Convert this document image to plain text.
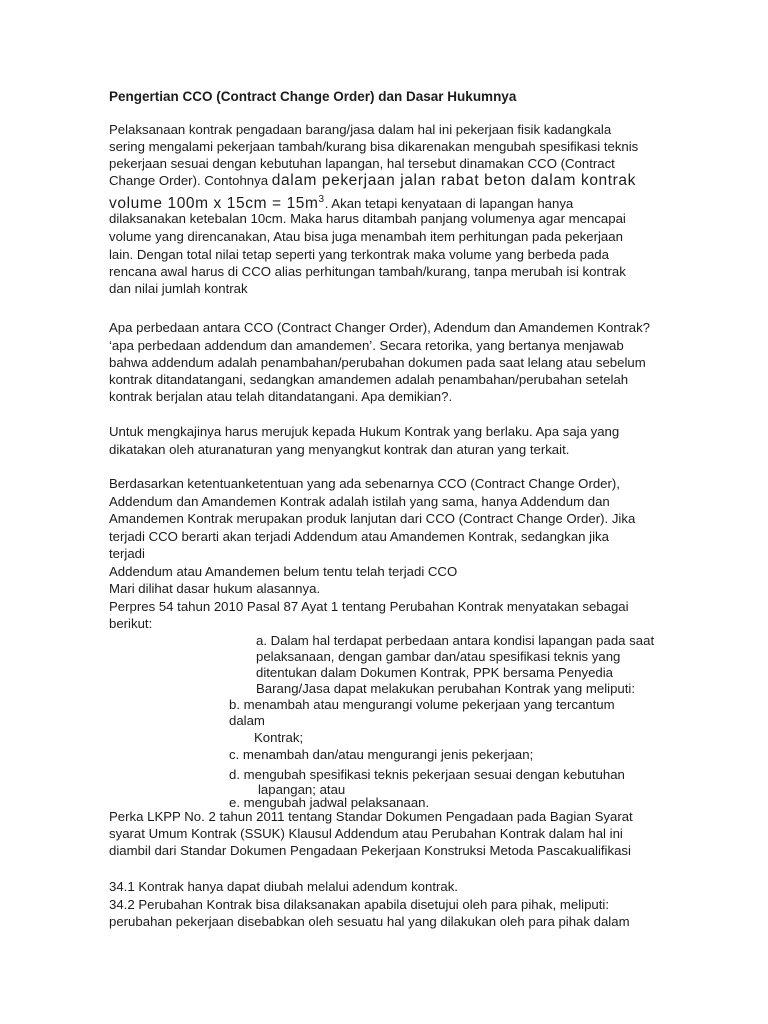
Pengertian CCO (Contract Change Order) dan Dasar Hukumnya
Pelaksanaan kontrak pengadaan barang/jasa dalam hal ini pekerjaan fisik kadangkala
sering mengalami pekerjaan tambah/kurang bisa dikarenakan mengubah spesifikasi teknis
pekerjaan sesuai dengan kebutuhan lapangan, hal tersebut dinamakan CCO (Contract
Change Order). Contohnya dalam pekerjaan jalan rabat beton dalam kontrak
volume 100m x $15cm = 15m^3$. Akan tetapi kenyataan di lapangan hanya
dilaksanakan ketebalan 10cm. Maka harus ditambah panjang volumenya agar mencapai
volume yang direncanakan, Atau bisa juga menambah item perhitungan pada pekerjaan
lain. Dengan total nilai tetap seperti yang terkontrak maka volume yang berbeda pada
rencana awal harus di CCO alias perhitungan tambah/kurang, tanpa merubah isi kontrak
dan nilai jumlah kontrak
Apa perbedaan antara CCO (Contract Changer Order), Adendum dan Amandemen Kontrak?
‘apa perbedaan addendum dan amandemen’. Secara retorika, yang bertanya menjawab
bahwa addendum adalah penambahan/perubahan dokumen pada saat lelang atau sebelum
kontrak ditandatangani, sedangkan amandemen adalah penambahan/perubahan setelah
kontrak berjalan atau telah ditandatangani. Apa demikian?.
Untuk mengkajinya harus merujuk kepada Hukum Kontrak yang berlaku. Apa saja yang
dikatakan oleh aturanaturan yang menyangkut kontrak dan aturan yang terkait.
Berdasarkan ketentuanketentuan yang ada sebenarnya CCO (Contract Change Order),
Addendum dan Amandemen Kontrak adalah istilah yang sama, hanya Addendum dan
Amandemen Kontrak merupakan produk lanjutan dari CCO (Contract Change Order). Jika
terjadi CCO berarti akan terjadi Addendum atau Amandemen Kontrak, sedangkan jika
terjadi
Addendum atau Amandemen belum tentu telah terjadi CCO
Mari dilihat dasar hukum alasannya.
Perpres 54 tahun 2010 Pasal 87 Ayat 1 tentang Perubahan Kontrak menyatakan sebagai
berikut:
a. Dalam hal terdapat perbedaan antara kondisi lapangan pada saat
pelaksanaan, dengan gambar dan/atau spesifikasi teknis yang
ditentukan dalam Dokumen Kontrak, PPK bersama Penyedia
Barang/Jasa dapat melakukan perubahan Kontrak yang meliputi:
b. menambah atau mengurangi volume pekerjaan yang tercantum
dalam
Kontrak;
c. menambah dan/atau mengurangi jenis pekerjaan;
d. mengubah spesifikasi teknis pekerjaan sesuai dengan kebutuhan
lapangan; atau
e. mengubah jadwal pelaksanaan.
Perka LKPP No. 2 tahun 2011 tentang Standar Dokumen Pengadaan pada Bagian Syarat
syarat Umum Kontrak (SSUK) Klausul Addendum atau Perubahan Kontrak dalam hal ini
diambil dari Standar Dokumen Pengadaan Pekerjaan Konstruksi Metoda Pascakualifikasi
34.1 Kontrak hanya dapat diubah melalui adendum kontrak.
34.2 Perubahan Kontrak bisa dilaksanakan apabila disetujui oleh para pihak, meliputi:
perubahan pekerjaan disebabkan oleh sesuatu hal yang dilakukan oleh para pihak dalam
